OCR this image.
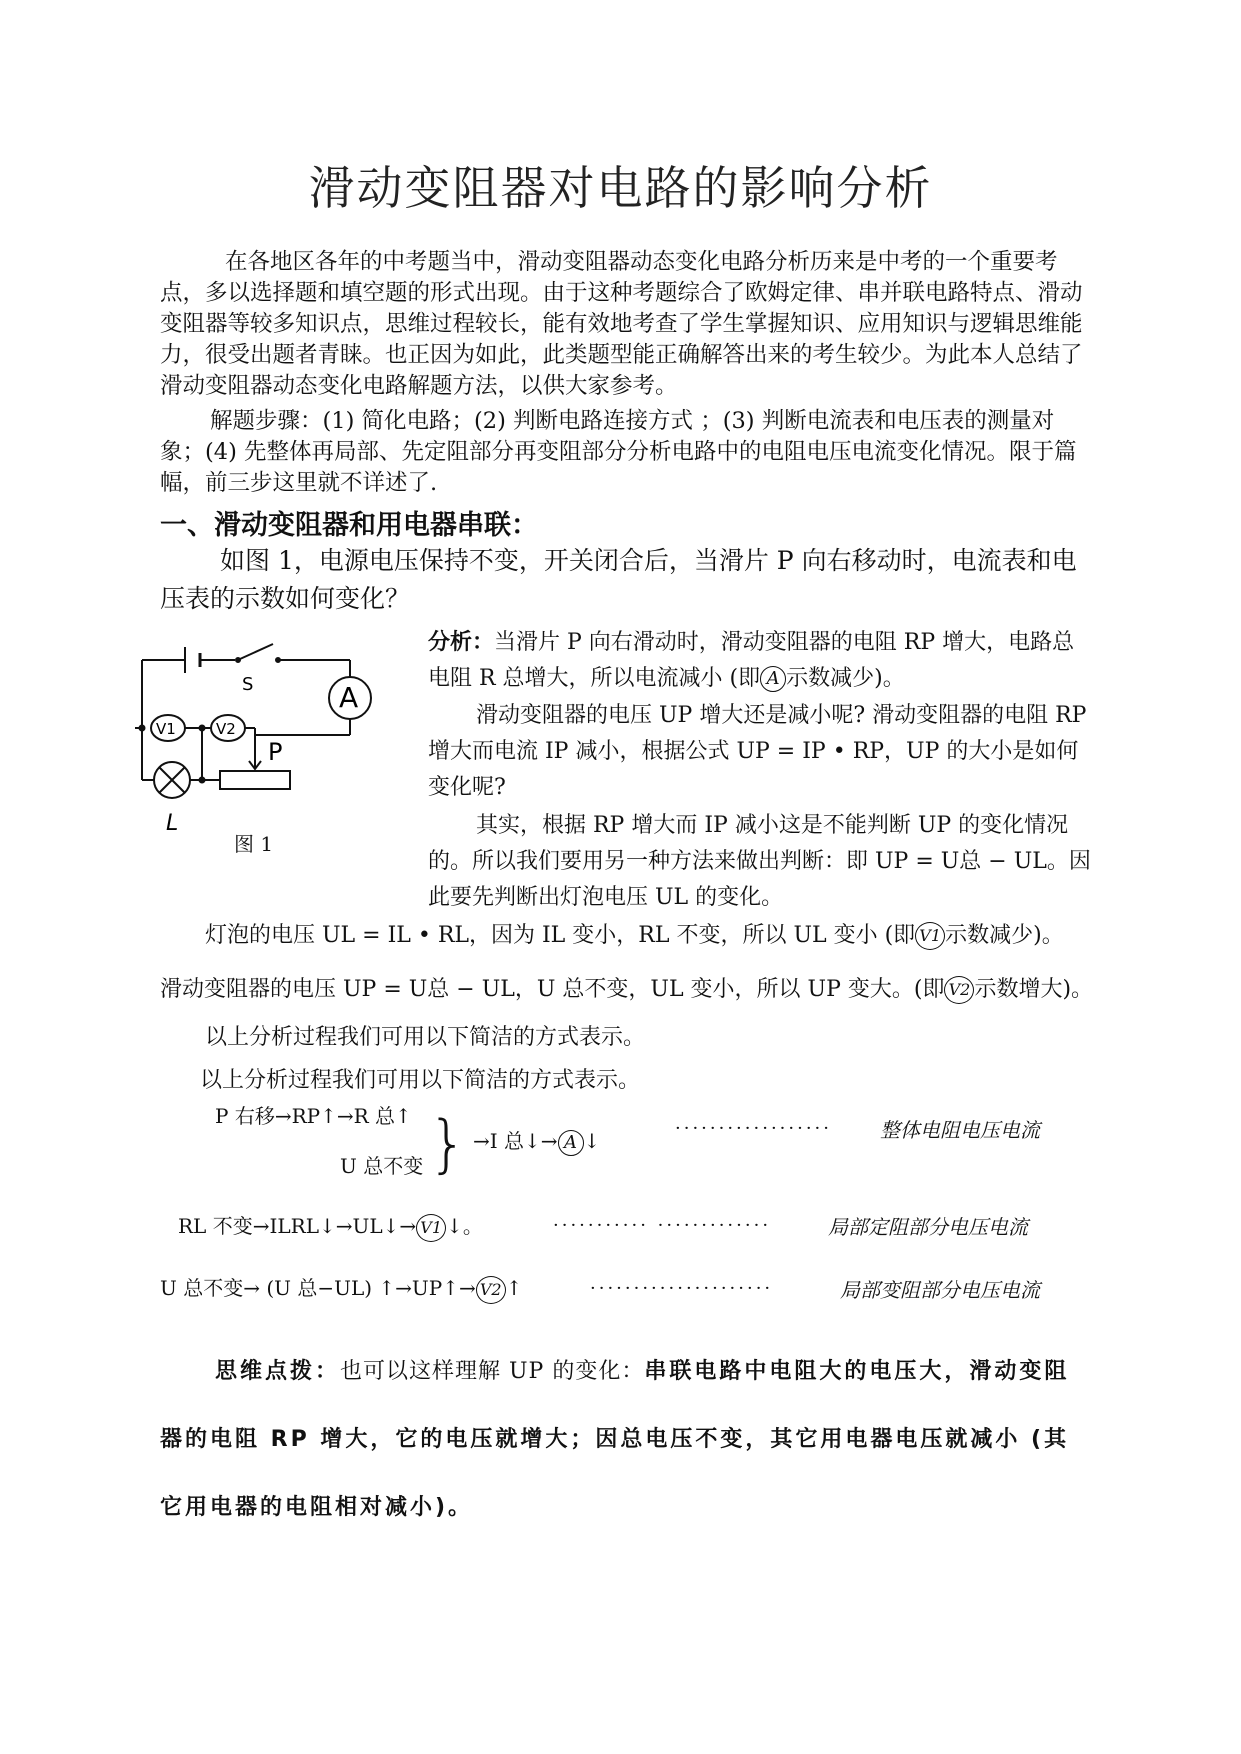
滑动变阻器对电路的影响分析
在各地区各年的中考题当中，滑动变阻器动态变化电路分析历来是中考的一个重要考点，多以选择题和填空题的形式出现。由于这种考题综合了欧姆定律、串并联电路特点、滑动变阻器等较多知识点，思维过程较长，能有效地考查了学生掌握知识、应用知识与逻辑思维能力，很受出题者青睐。也正因为如此，此类题型能正确解答出来的考生较少。为此本人总结了滑动变阻器动态变化电路解题方法，以供大家参考。
解题步骤：(1) 简化电路；(2) 判断电路连接方式 ；(3) 判断电流表和电压表的测量对象；(4) 先整体再局部、先定阻部分再变阻部分分析电路中的电阻电压电流变化情况。限于篇幅，前三步这里就不详述了.
一、滑动变阻器和用电器串联：
如图 1，电源电压保持不变，开关闭合后，当滑片 P 向右移动时，电流表和电压表的示数如何变化？
S	A
V1	V2
P
L
图 1
分析：当滑片 P 向右滑动时，滑动变阻器的电阻 RP 增大，电路总电阻 R 总增大，所以电流减小 (即 A 示数减少)。
滑动变阻器的电压 UP 增大还是减小呢? 滑动变阻器的电阻 RP 增大而电流 IP 减小，根据公式 UP = IP • RP，UP 的大小是如何变化呢?
其实，根据 RP 增大而 IP 减小这是不能判断 UP 的变化情况的。所以我们要用另一种方法来做出判断：即 UP = U总 − UL。因此要先判断出灯泡电压 UL 的变化。
灯泡的电压 UL = IL • RL，因为 IL 变小，RL 不变，所以 UL 变小 (即 V1 示数减少)。
滑动变阻器的电压 UP = U总 − UL，U 总不变，UL 变小，所以 UP 变大。(即 V2 示数增大)。
以上分析过程我们可用以下简洁的方式表示。
以上分析过程我们可用以下简洁的方式表示。
P 右移→RP↑→R 总↑
U 总不变 } →I 总↓→ A ↓
·················· 整体电阻电压电流
RL 不变→ILRL↓→UL↓→ V1 ↓。	··········· ·············	局部定阻部分电压电流
U 总不变→ (U 总−UL) ↑→UP↑→ V2 ↑	·····················	局部变阻部分电压电流
思维点拨：也可以这样理解 UP 的变化：串联电路中电阻大的电压大，滑动变阻器的电阻 RP 增大，它的电压就增大；因总电压不变，其它用电器电压就减小 (其它用电器的电阻相对减小)。
